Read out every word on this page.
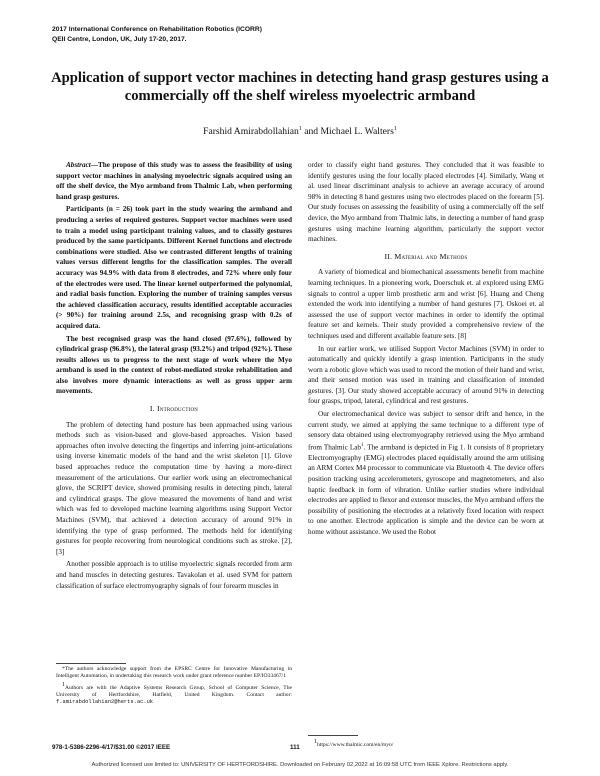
2017 International Conference on Rehabilitation Robotics (ICORR)
QEII Centre, London, UK, July 17-20, 2017.
Application of support vector machines in detecting hand grasp gestures using a commercially off the shelf wireless myoelectric armband
Farshid Amirabdollahian$^1$ and Michael L. Walters$^1$

Abstract—The propose of this study was to assess the feasibility of using support vector machines in analysing myoelectric signals acquired using an off the shelf device, the Myo armband from Thalmic Lab, when performing hand grasp gestures.

Participants (n = 26) took part in the study wearing the armband and producing a series of required gestures. Support vector machines were used to train a model using participant training values, and to classify gestures produced by the same participants. Different Kernel functions and electrode combinations were studied. Also we contrasted different lengths of training values versus different lengths for the classification samples. The overall accuracy was 94.9% with data from 8 electrodes, and 72% where only four of the electrodes were used. The linear kernel outperformed the polynomial, and radial basis function. Exploring the number of training samples versus the achieved classification accuracy, results identified acceptable accuracies (> 90%) for training around 2.5s, and recognising grasp with 0.2s of acquired data.

The best recognised grasp was the hand closed (97.6%), followed by cylindrical grasp (96.8%), the lateral grasp (93.2%) and tripod (92%). These results allows us to progress to the next stage of work where the Myo armband is used in the context of robot-mediated stroke rehabilitation and also involves more dynamic interactions as well as gross upper arm movements.

I. Introduction

The problem of detecting hand posture has been approached using various methods such as vision-based and glove-based approaches. Vision based approaches often involve detecting the fingertips and inferring joint-articulations using inverse kinematic models of the hand and the wrist skeleton [1]. Glove based approaches reduce the computation time by having a more-direct measurement of the articulations. Our earlier work using an electromechanical glove, the SCRIPT device, showed promising results in detecting pinch, lateral and cylindrical grasps. The glove measured the movements of hand and wrist which was fed to developed machine learning algorithms using Support Vector Machines (SVM), that achieved a detection accuracy of around 91% in identifying the type of grasp performed. The methods held for identifying gestures for people recovering from neurological conditions such as stroke. [2], [3]

Another possible approach is to utilise myoelectric signals recorded from arm and hand muscles in detecting gestures. Tavakolan et al. used SVM for pattern classification of surface electromyography signals of four forearm muscles in

order to classify eight hand gestures. They concluded that it was feasible to identify gestures using the four locally placed electrodes [4]. Similarly, Wang et al. used linear discriminant analysis to achieve an average accuracy of around 98% in detecting 8 hand gestures using two electrodes placed on the forearm [5]. Our study focuses on assessing the feasibility of using a commercially off the self device, the Myo armband from Thalmic labs, in detecting a number of hand grasp gestures using machine learning algorithm, particularly the support vector machines.

II. Material and Methods

A variety of biomedical and biomechanical assessments benefit from machine learning techniques. In a pioneering work, Doerschuk et. al explored using EMG signals to control a upper limb prosthetic arm and wrist [6]. Huang and Cheng extended the work into identifying a number of hand gestures [7]. Oskoei et. al assessed the use of support vector machines in order to identify the optimal feature set and kernels. Their study provided a comprehensive review of the techniques used and different available feature sets. [8]

In our earlier work, we utilised Support Vector Machines (SVM) in order to automatically and quickly identify a grasp intention. Participants in the study worn a robotic glove which was used to record the motion of their hand and wrist, and their sensed motion was used in training and classification of intended gestures. [3]. Our study showed acceptable accuracy of around 91% in detecting four grasps, tripod, lateral, cylindrical and rest gestures.

Our electromechanical device was subject to sensor drift and hence, in the current study, we aimed at applying the same technique to a different type of sensory data obtained using electromyography retrieved using the Myo armband from Thalmic Lab$^1$. The armband is depicted in Fig 1. It consists of 8 proprietary Electromyography (EMG) electrodes placed equidistally around the arm utilising an ARM Cortex M4 processor to communicate via Bluetooth 4. The device offers position tracking using accelerometers, gyroscope and magnetometers, and also haptic feedback in form of vibration. Unlike earlier studies where individual electrodes are applied to flexor and extensor muscles, the Myo armband offers the possibility of positioning the electrodes at a relatively fixed location with respect to one another. Electrode application is simple and the device can be worn at home without assistance. We used the Robot

*The authors acknowledge support from the EPSRC Centre for Innovative Manufacturing in Intelligent Automation, in undertaking this research work under grant reference number EP/IO33467/1

$^1$Authors are with the Adaptive Systems Research Group, School of Computer Science, The University of Hertfordshire, Hatfield, United Kingdom. Contact author: f.amirabdollahian2@herts.ac.uk

$^1$https://www.thalmic.com/en/myo/

978-1-5386-2296-4/17/$31.00 ©2017 IEEE	111
Authorized licensed use limited to: UNIVERSITY OF HERTFORDSHIRE. Downloaded on February 02,2022 at 16:09:58 UTC from IEEE Xplore. Restrictions apply.
